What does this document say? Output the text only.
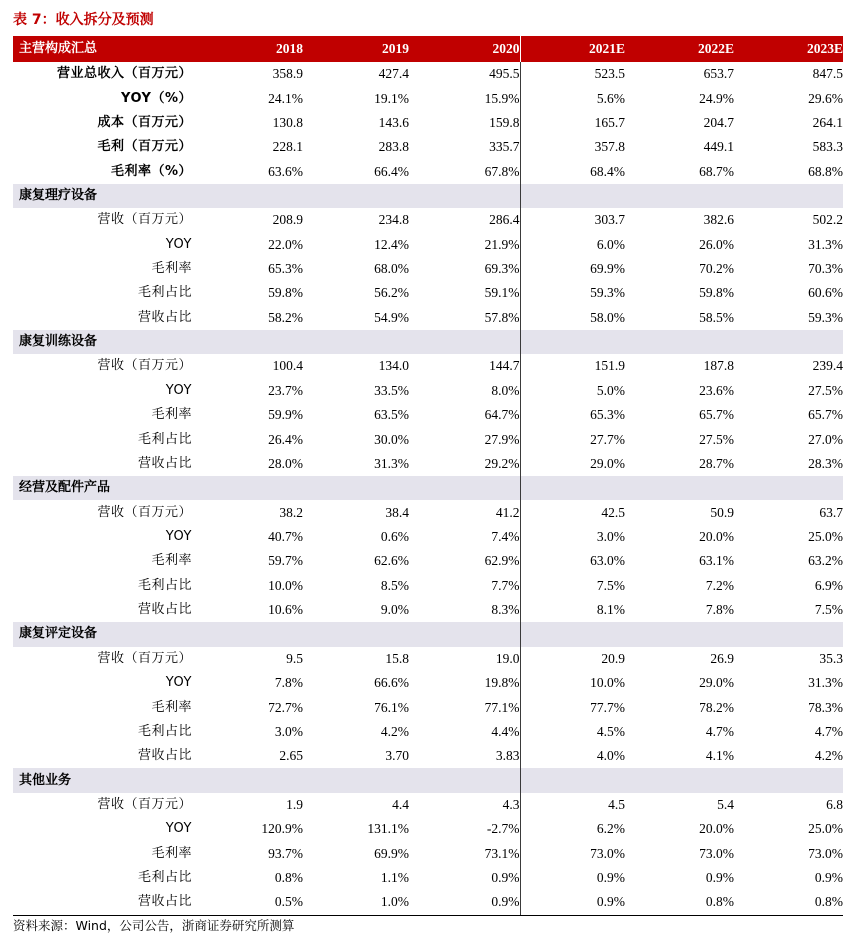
表 7：收入拆分及预测
主营构成汇总	2018	2019	2020	2021E	2022E	2023E
营业总收入（百万元）	358.9	427.4	495.5	523.5	653.7	847.5
YOY（%）	24.1%	19.1%	15.9%	5.6%	24.9%	29.6%
成本（百万元）	130.8	143.6	159.8	165.7	204.7	264.1
毛利（百万元）	228.1	283.8	335.7	357.8	449.1	583.3
毛利率（%）	63.6%	66.4%	67.8%	68.4%	68.7%	68.8%
康复理疗设备						
营收（百万元）	208.9	234.8	286.4	303.7	382.6	502.2
YOY	22.0%	12.4%	21.9%	6.0%	26.0%	31.3%
毛利率	65.3%	68.0%	69.3%	69.9%	70.2%	70.3%
毛利占比	59.8%	56.2%	59.1%	59.3%	59.8%	60.6%
营收占比	58.2%	54.9%	57.8%	58.0%	58.5%	59.3%
康复训练设备						
营收（百万元）	100.4	134.0	144.7	151.9	187.8	239.4
YOY	23.7%	33.5%	8.0%	5.0%	23.6%	27.5%
毛利率	59.9%	63.5%	64.7%	65.3%	65.7%	65.7%
毛利占比	26.4%	30.0%	27.9%	27.7%	27.5%	27.0%
营收占比	28.0%	31.3%	29.2%	29.0%	28.7%	28.3%
经营及配件产品						
营收（百万元）	38.2	38.4	41.2	42.5	50.9	63.7
YOY	40.7%	0.6%	7.4%	3.0%	20.0%	25.0%
毛利率	59.7%	62.6%	62.9%	63.0%	63.1%	63.2%
毛利占比	10.0%	8.5%	7.7%	7.5%	7.2%	6.9%
营收占比	10.6%	9.0%	8.3%	8.1%	7.8%	7.5%
康复评定设备						
营收（百万元）	9.5	15.8	19.0	20.9	26.9	35.3
YOY	7.8%	66.6%	19.8%	10.0%	29.0%	31.3%
毛利率	72.7%	76.1%	77.1%	77.7%	78.2%	78.3%
毛利占比	3.0%	4.2%	4.4%	4.5%	4.7%	4.7%
营收占比	2.65	3.70	3.83	4.0%	4.1%	4.2%
其他业务						
营收（百万元）	1.9	4.4	4.3	4.5	5.4	6.8
YOY	120.9%	131.1%	-2.7%	6.2%	20.0%	25.0%
毛利率	93.7%	69.9%	73.1%	73.0%	73.0%	73.0%
毛利占比	0.8%	1.1%	0.9%	0.9%	0.9%	0.9%
营收占比	0.5%	1.0%	0.9%	0.9%	0.8%	0.8%
资料来源：Wind，公司公告，浙商证券研究所测算
